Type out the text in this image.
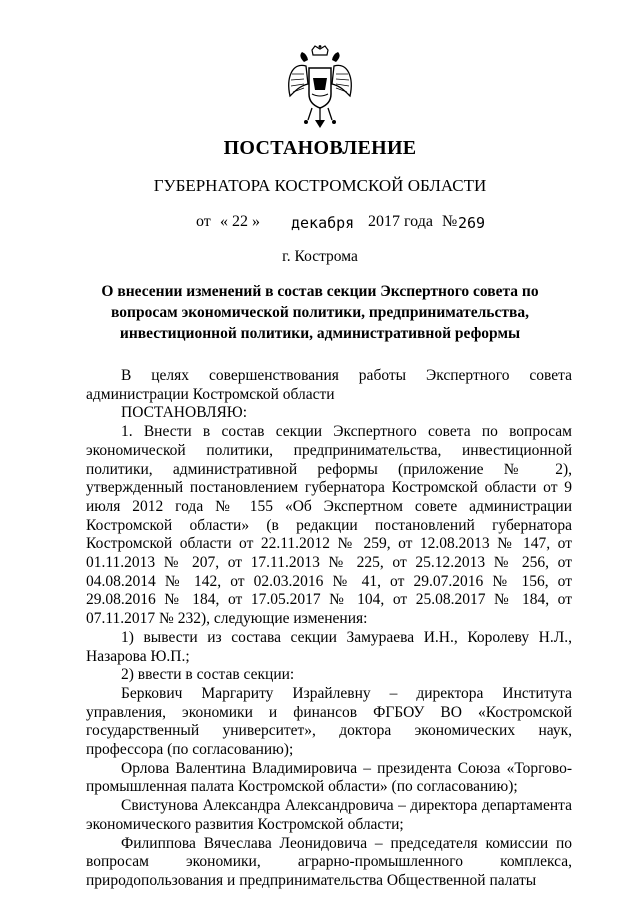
ПОСТАНОВЛЕНИЕ
ГУБЕРНАТОРА КОСТРОМСКОЙ ОБЛАСТИ
от « 22 » декабря 2017 года № 269
г. Кострома
О внесении изменений в состав секции Экспертного совета по вопросам экономической политики, предпринимательства, инвестиционной политики, административной реформы

В целях совершенствования работы Экспертного совета администрации Костромской области

ПОСТАНОВЛЯЮ:

1. Внести в состав секции Экспертного совета по вопросам экономической политики, предпринимательства, инвестиционной политики, административной реформы (приложение № 2), утвержденный постановлением губернатора Костромской области от 9 июля 2012 года № 155 «Об Экспертном совете администрации Костромской области» (в редакции постановлений губернатора Костромской области от 22.11.2012 № 259, от 12.08.2013 № 147, от 01.11.2013 № 207, от 17.11.2013 № 225, от 25.12.2013 № 256, от 04.08.2014 № 142, от 02.03.2016 № 41, от 29.07.2016 № 156, от 29.08.2016 № 184, от 17.05.2017 № 104, от 25.08.2017 № 184, от 07.11.2017 № 232), следующие изменения:

1) вывести из состава секции Замураева И.Н., Королеву Н.Л., Назарова Ю.П.;

2) ввести в состав секции:

Беркович Маргариту Израйлевну – директора Института управления, экономики и финансов ФГБОУ ВО «Костромской государственный университет», доктора экономических наук, профессора (по согласованию);

Орлова Валентина Владимировича – президента Союза «Торгово-промышленная палата Костромской области» (по согласованию);

Свистунова Александра Александровича – директора департамента экономического развития Костромской области;

Филиппова Вячеслава Леонидовича – председателя комиссии по вопросам экономики, аграрно-промышленного комплекса, природопользования и предпринимательства Общественной палаты
